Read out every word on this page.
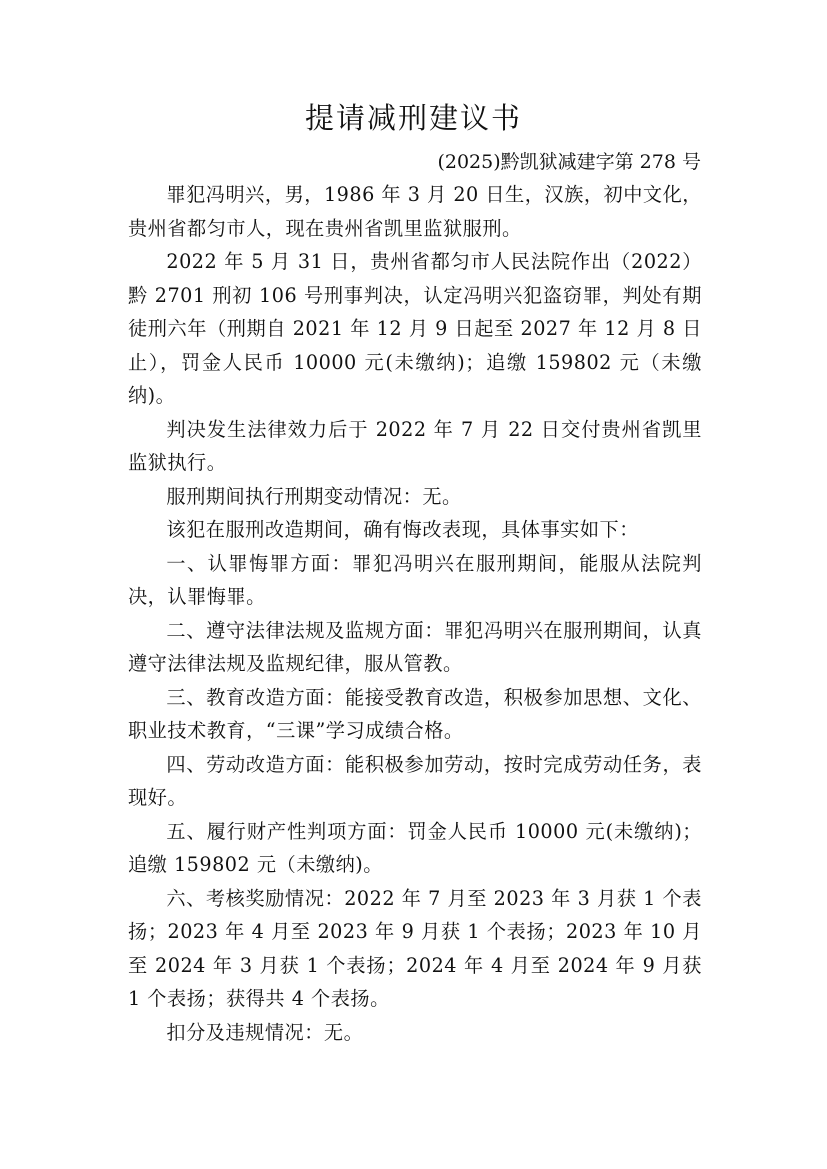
提请减刑建议书
(2025)黔凯狱减建字第 278 号

罪犯冯明兴，男，1986 年 3 月 20 日生，汉族，初中文化，贵州省都匀市人，现在贵州省凯里监狱服刑。

2022 年 5 月 31 日，贵州省都匀市人民法院作出（2022）黔 2701 刑初 106 号刑事判决，认定冯明兴犯盗窃罪，判处有期徒刑六年（刑期自 2021 年 12 月 9 日起至 2027 年 12 月 8 日止），罚金人民币 10000 元(未缴纳)；追缴 159802 元（未缴纳)。

判决发生法律效力后于 2022 年 7 月 22 日交付贵州省凯里监狱执行。

服刑期间执行刑期变动情况：无。

该犯在服刑改造期间，确有悔改表现，具体事实如下：

一、认罪悔罪方面：罪犯冯明兴在服刑期间，能服从法院判决，认罪悔罪。

二、遵守法律法规及监规方面：罪犯冯明兴在服刑期间，认真遵守法律法规及监规纪律，服从管教。

三、教育改造方面：能接受教育改造，积极参加思想、文化、职业技术教育，“三课”学习成绩合格。

四、劳动改造方面：能积极参加劳动，按时完成劳动任务，表现好。

五、履行财产性判项方面：罚金人民币 10000 元(未缴纳)；追缴 159802 元（未缴纳)。

六、考核奖励情况：2022 年 7 月至 2023 年 3 月获 1 个表扬；2023 年 4 月至 2023 年 9 月获 1 个表扬；2023 年 10 月至 2024 年 3 月获 1 个表扬；2024 年 4 月至 2024 年 9 月获 1 个表扬；获得共 4 个表扬。

扣分及违规情况：无。
